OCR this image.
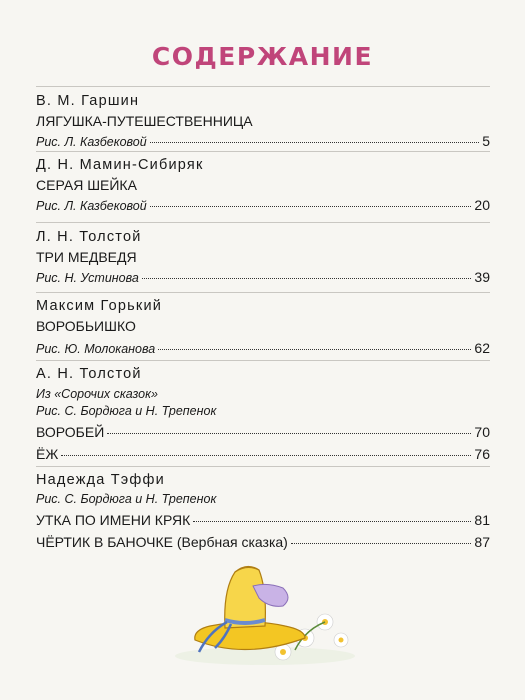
СОДЕРЖАНИЕ
В. М. Гаршин
ЛЯГУШКА-ПУТЕШЕСТВЕННИЦА
Рис. Л. Казбековой	5
Д. Н. Мамин-Сибиряк
СЕРАЯ ШЕЙКА
Рис. Л. Казбековой	20
Л. Н. Толстой
ТРИ МЕДВЕДЯ
Рис. Н. Устинова	39
Максим Горький
ВОРОБЬИШКО
Рис. Ю. Молоканова	62
А. Н. Толстой
Из «Сорочих сказок»
Рис. С. Бордюга и Н. Трепенок
ВОРОБЕЙ	70
ЁЖ	76
Надежда Тэффи
Рис. С. Бордюга и Н. Трепенок
УТКА ПО ИМЕНИ КРЯК	81
ЧЁРТИК В БАНОЧКЕ (Вербная сказка)	87
